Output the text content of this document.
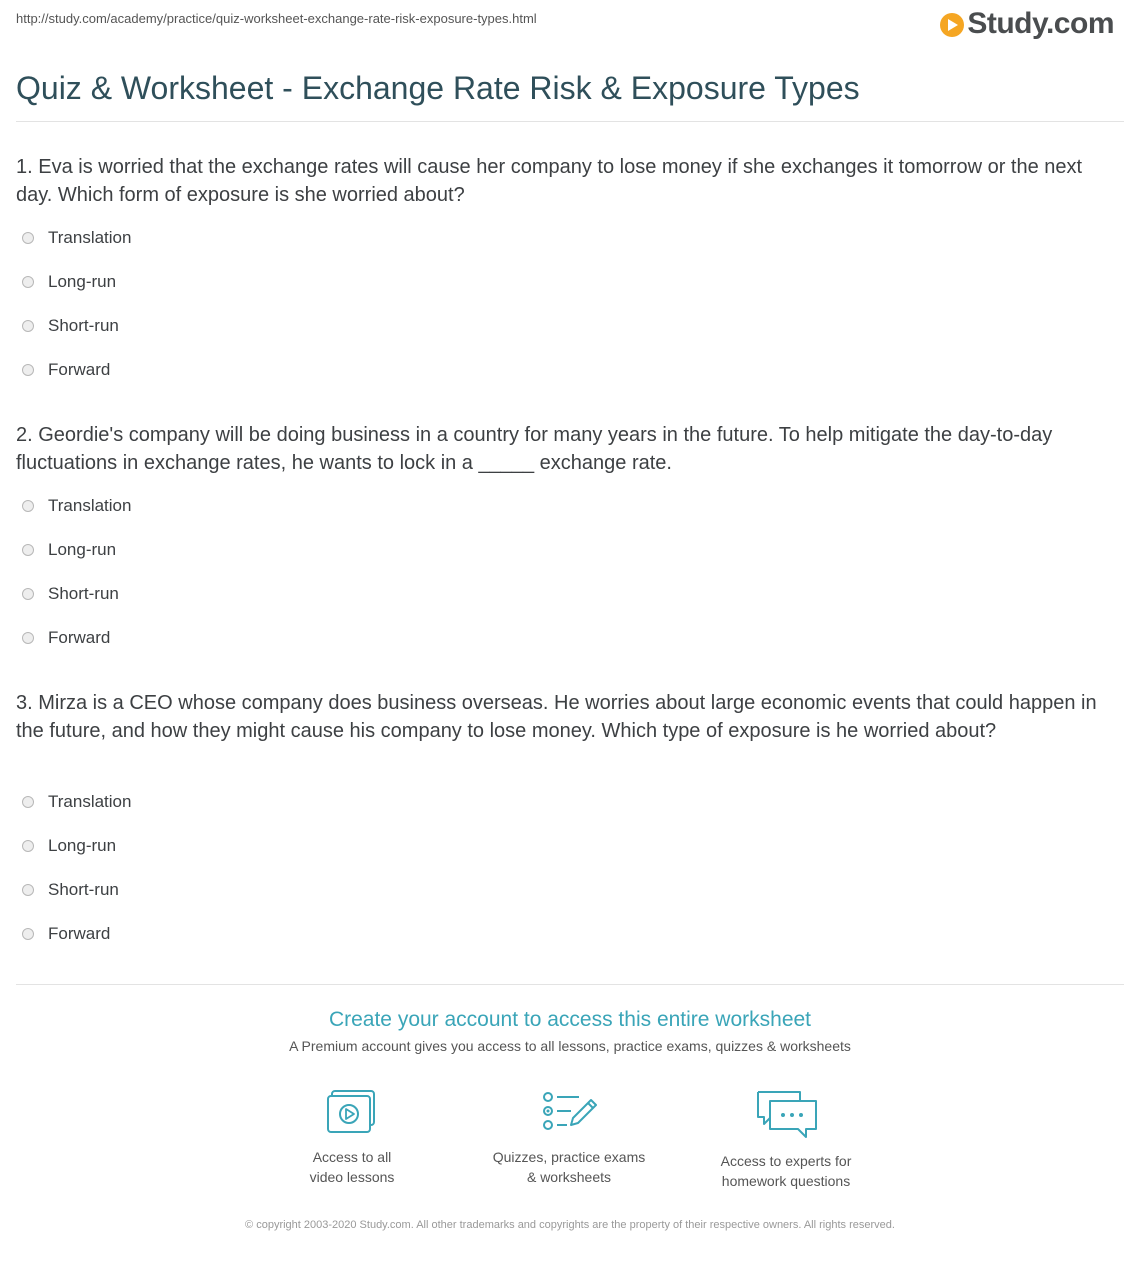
http://study.com/academy/practice/quiz-worksheet-exchange-rate-risk-exposure-types.html	Study.com
Quiz & Worksheet - Exchange Rate Risk & Exposure Types

1. Eva is worried that the exchange rates will cause her company to lose money if she exchanges it tomorrow or the next day. Which form of exposure is she worried about?

Translation
Long-run
Short-run
Forward

2. Geordie's company will be doing business in a country for many years in the future. To help mitigate the day-to-day fluctuations in exchange rates, he wants to lock in a _____ exchange rate.

Translation
Long-run
Short-run
Forward

3. Mirza is a CEO whose company does business overseas. He worries about large economic events that could happen in the future, and how they might cause his company to lose money. Which type of exposure is he worried about?

Translation
Long-run
Short-run
Forward
Create your account to access this entire worksheet
A Premium account gives you access to all lessons, practice exams, quizzes & worksheets
Access to all
video lessons
Quizzes, practice exams
& worksheets
Access to experts for
homework questions
© copyright 2003-2020 Study.com. All other trademarks and copyrights are the property of their respective owners. All rights reserved.
